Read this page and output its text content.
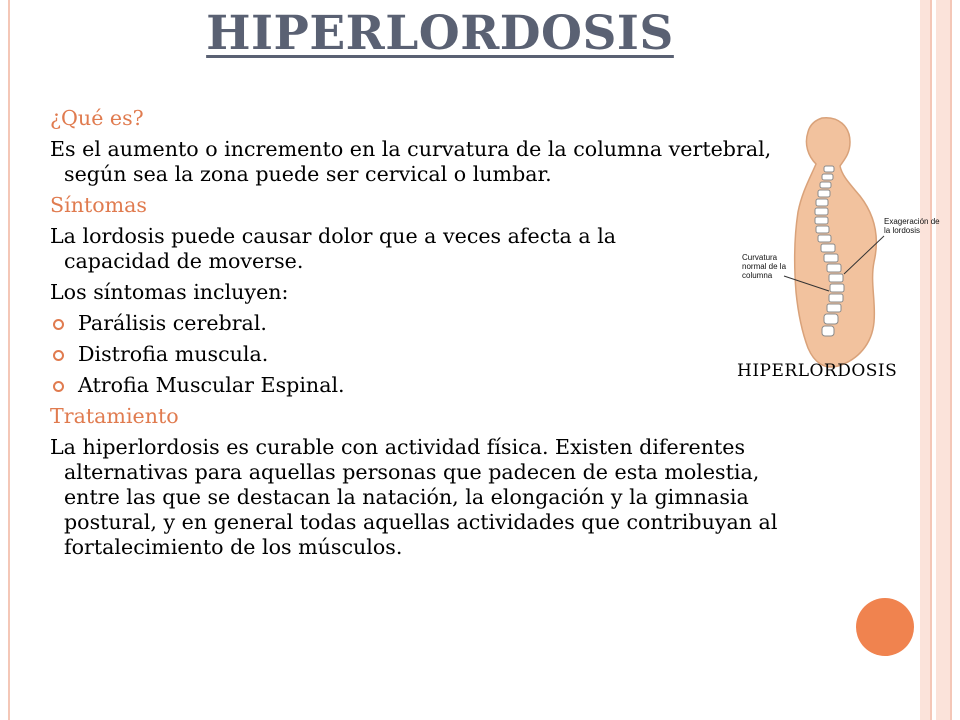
HIPERLORDOSIS
¿Qué es?
Es el aumento o incremento en la curvatura de la columna vertebral, según sea la zona puede ser cervical o lumbar.
Síntomas
La lordosis puede causar dolor que a veces afecta a la capacidad de moverse.
Los síntomas incluyen:
Parálisis cerebral.
Distrofia muscula.
Atrofia Muscular Espinal.
Tratamiento
La hiperlordosis es curable con actividad física. Existen diferentes alternativas para aquellas personas que padecen de esta molestia, entre las que se destacan la natación, la elongación y la gimnasia postural, y en general todas aquellas actividades que contribuyan al fortalecimiento de los músculos.
Exageración de la lordosis
Curvatura normal de la columna
HIPERLORDOSIS
